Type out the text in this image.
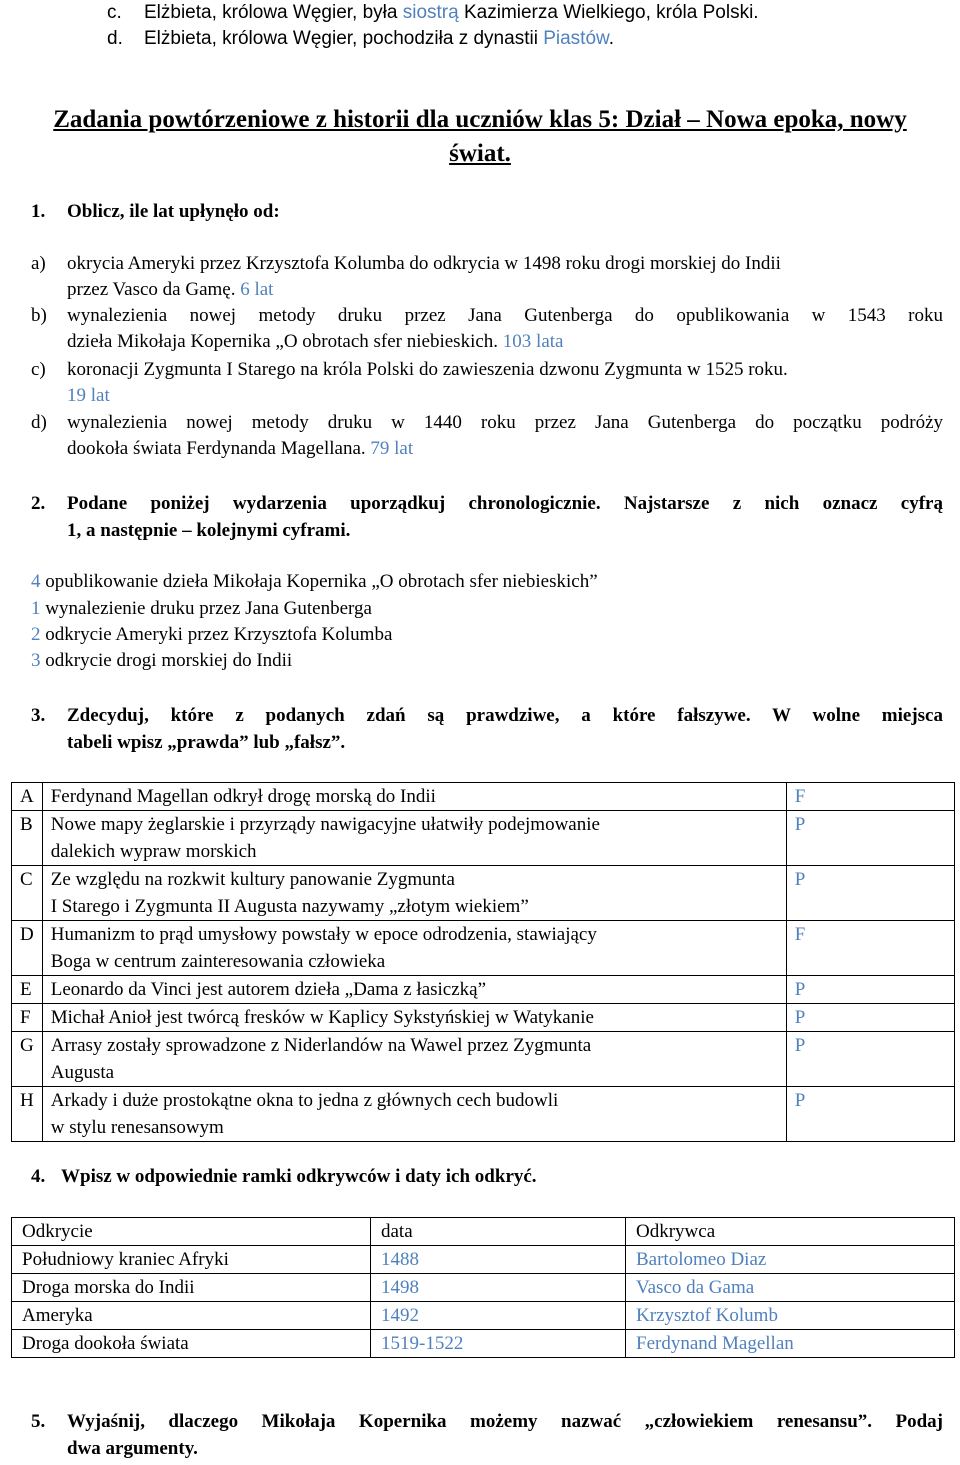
c. Elżbieta, królowa Węgier, była siostrą Kazimierza Wielkiego, króla Polski.
d. Elżbieta, królowa Węgier, pochodziła z dynastii Piastów.
Zadania powtórzeniowe z historii dla uczniów klas 5: Dział – Nowa epoka, nowy
świat.
1. Oblicz, ile lat upłynęło od:
a) okrycia Ameryki przez Krzysztofa Kolumba do odkrycia w 1498 roku drogi morskiej do Indii
przez Vasco da Gamę. 6 lat
b) wynalezienia nowej metody druku przez Jana Gutenberga do opublikowania w 1543 roku
dzieła Mikołaja Kopernika „O obrotach sfer niebieskich. 103 lata
c) koronacji Zygmunta I Starego na króla Polski do zawieszenia dzwonu Zygmunta w 1525 roku.
19 lat
d) wynalezienia nowej metody druku w 1440 roku przez Jana Gutenberga do początku podróży
dookoła świata Ferdynanda Magellana. 79 lat
2. Podane poniżej wydarzenia uporządkuj chronologicznie. Najstarsze z nich oznacz cyfrą
1, a następnie – kolejnymi cyframi.
4 opublikowanie dzieła Mikołaja Kopernika „O obrotach sfer niebieskich”
1 wynalezienie druku przez Jana Gutenberga
2 odkrycie Ameryki przez Krzysztofa Kolumba
3 odkrycie drogi morskiej do Indii
3. Zdecyduj, które z podanych zdań są prawdziwe, a które fałszywe. W wolne miejsca
tabeli wpisz „prawda” lub „fałsz”.
A	Ferdynand Magellan odkrył drogę morską do Indii	F
B	Nowe mapy żeglarskie i przyrządy nawigacyjne ułatwiły podejmowanie
dalekich wypraw morskich	P
C	Ze względu na rozkwit kultury panowanie Zygmunta
I Starego i Zygmunta II Augusta nazywamy „złotym wiekiem”	P
D	Humanizm to prąd umysłowy powstały w epoce odrodzenia, stawiający
Boga w centrum zainteresowania człowieka	F
E	Leonardo da Vinci jest autorem dzieła „Dama z łasiczką”	P
F	Michał Anioł jest twórcą fresków w Kaplicy Sykstyńskiej w Watykanie	P
G	Arrasy zostały sprowadzone z Niderlandów na Wawel przez Zygmunta
Augusta	P
H	Arkady i duże prostokątne okna to jedna z głównych cech budowli
w stylu renesansowym	P
4. Wpisz w odpowiednie ramki odkrywców i daty ich odkryć.
Odkrycie	data	Odkrywca
Południowy kraniec Afryki	1488	Bartolomeo Diaz
Droga morska do Indii	1498	Vasco da Gama
Ameryka	1492	Krzysztof Kolumb
Droga dookoła świata	1519-1522	Ferdynand Magellan
5. Wyjaśnij, dlaczego Mikołaja Kopernika możemy nazwać „człowiekiem renesansu”. Podaj
dwa argumenty.
